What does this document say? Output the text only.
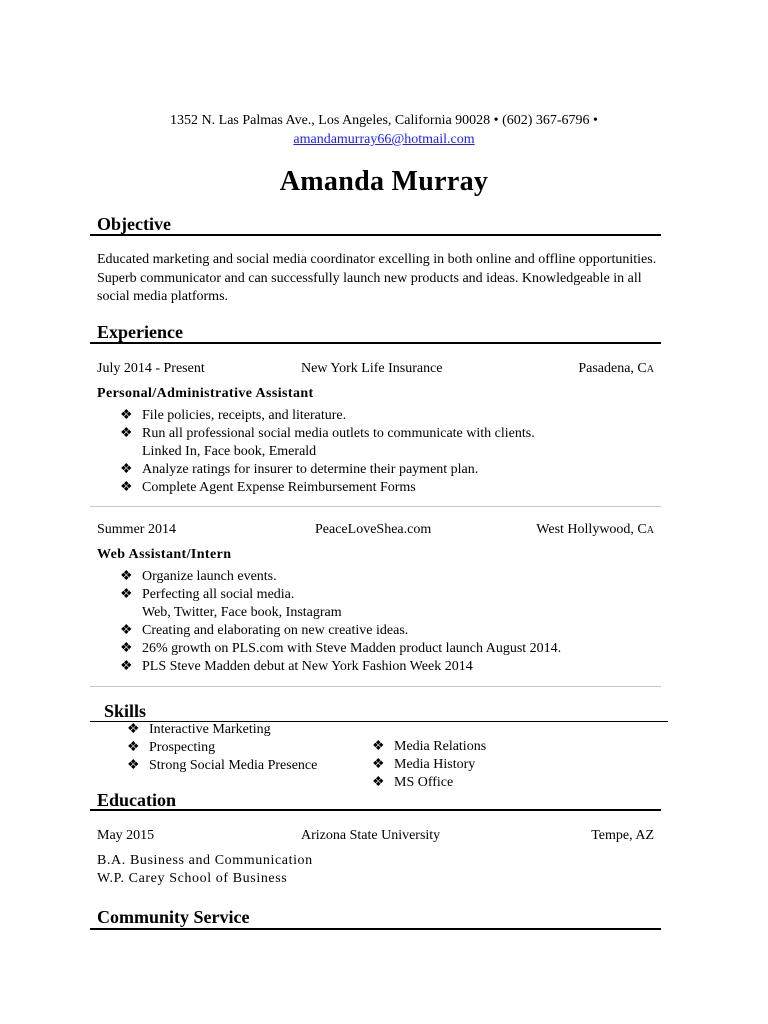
1352 N. Las Palmas Ave., Los Angeles, California 90028 • (602) 367-6796 •
amandamurray66@hotmail.com
Amanda Murray
Objective
Educated marketing and social media coordinator excelling in both online and offline opportunities. Superb communicator and can successfully launch new products and ideas. Knowledgeable in all social media platforms.
Experience
July 2014 - Present	New York Life Insurance	Pasadena, CA
Personal/Administrative Assistant
❖ File policies, receipts, and literature.
❖ Run all professional social media outlets to communicate with clients.
Linked In, Face book, Emerald
❖ Analyze ratings for insurer to determine their payment plan.
❖ Complete Agent Expense Reimbursement Forms
Summer 2014	PeaceLoveShea.com	West Hollywood, CA
Web Assistant/Intern
❖ Organize launch events.
❖ Perfecting all social media.
Web, Twitter, Face book, Instagram
❖ Creating and elaborating on new creative ideas.
❖ 26% growth on PLS.com with Steve Madden product launch August 2014.
❖ PLS Steve Madden debut at New York Fashion Week 2014
Skills
❖ Interactive Marketing
❖ Prospecting
❖ Strong Social Media Presence
❖ Media Relations
❖ Media History
❖ MS Office
Education
May 2015	Arizona State University	Tempe, AZ
B.A. Business and Communication
W.P. Carey School of Business
Community Service
